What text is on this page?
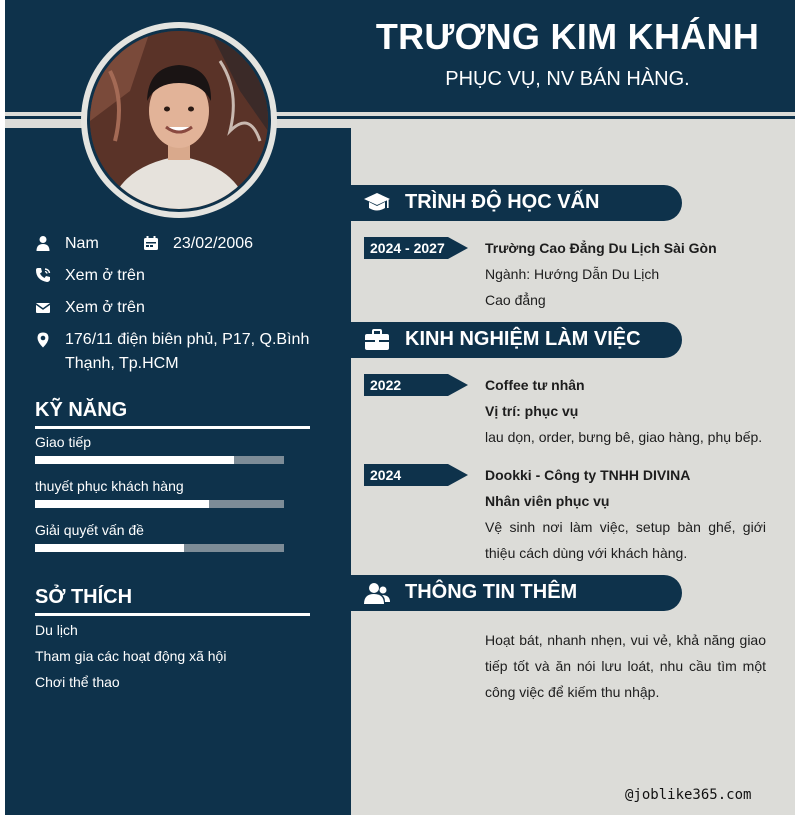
TRƯƠNG KIM KHÁNH
PHỤC VỤ, NV BÁN HÀNG.
Nam	23/02/2006
Xem ở trên
Xem ở trên
176/11 điện biên phủ, P17, Q.Bình
Thạnh, Tp.HCM
KỸ NĂNG
Giao tiếp
thuyết phục khách hàng
Giải quyết vấn đề
SỞ THÍCH
Du lịch
Tham gia các hoạt động xã hội
Chơi thể thao
TRÌNH ĐỘ HỌC VẤN
2024 - 2027	Trường Cao Đẳng Du Lịch Sài Gòn
Ngành: Hướng Dẫn Du Lịch
Cao đẳng
KINH NGHIỆM LÀM VIỆC
2022	Coffee tư nhân
Vị trí: phục vụ
lau dọn, order, bưng bê, giao hàng, phụ bếp.
2024	Dookki - Công ty TNHH DIVINA
Nhân viên phục vụ
Vệ sinh nơi làm việc, setup bàn ghế, giới thiệu cách dùng với khách hàng.
THÔNG TIN THÊM
Hoạt bát, nhanh nhẹn, vui vẻ, khả năng giao tiếp tốt và ăn nói lưu loát, nhu cầu tìm một công việc để kiếm thu nhập.
@joblike365.com
